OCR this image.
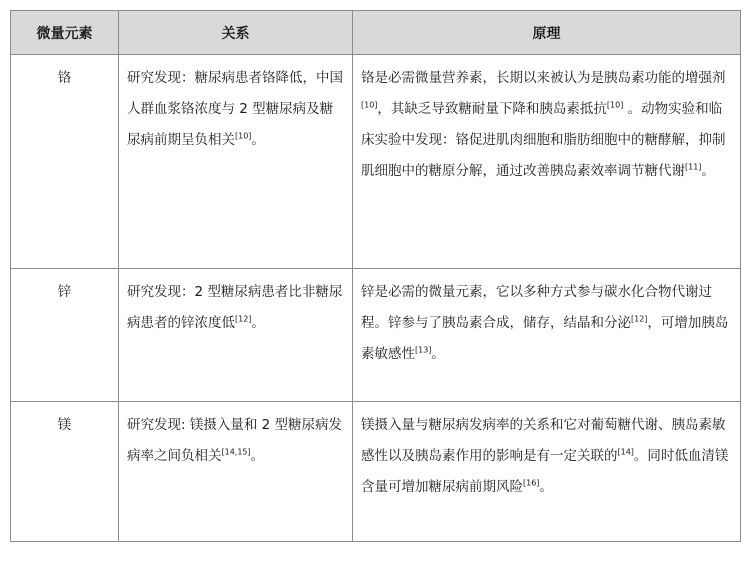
微量元素	关系	原理
铬	研究发现：糖尿病患者铬降低，中国人群血浆铬浓度与 2 型糖尿病及糖尿病前期呈负相关[10]。	铬是必需微量营养素，长期以来被认为是胰岛素功能的增强剂[10]，其缺乏导致糖耐量下降和胰岛素抵抗[10] 。动物实验和临床实验中发现：铬促进肌肉细胞和脂肪细胞中的糖酵解，抑制肌细胞中的糖原分解，通过改善胰岛素效率调节糖代谢[11]。
锌	研究发现：2 型糖尿病患者比非糖尿病患者的锌浓度低[12]。	锌是必需的微量元素，它以多种方式参与碳水化合物代谢过程。锌参与了胰岛素合成，储存，结晶和分泌[12]，可增加胰岛素敏感性[13]。
镁	研究发现: 镁摄入量和 2 型糖尿病发病率之间负相关[14,15]。	镁摄入量与糖尿病发病率的关系和它对葡萄糖代谢、胰岛素敏感性以及胰岛素作用的影响是有一定关联的[14]。同时低血清镁含量可增加糖尿病前期风险[16]。
